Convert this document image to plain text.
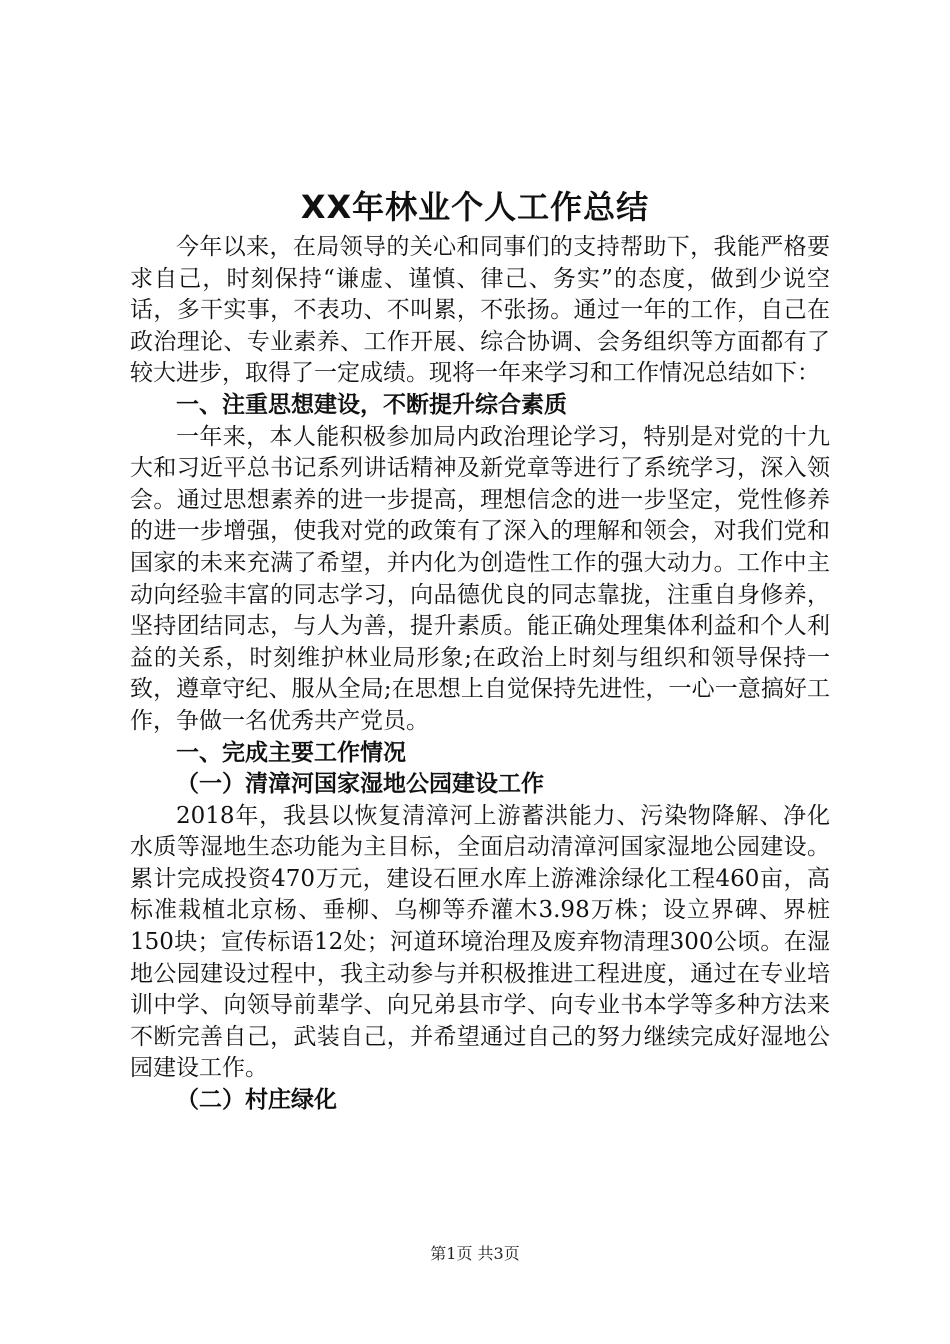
XX年林业个人工作总结

今年以来，在局领导的关心和同事们的支持帮助下，我能严格要求自己，时刻保持“谦虚、谨慎、律己、务实”的态度，做到少说空话，多干实事，不表功、不叫累，不张扬。通过一年的工作，自己在政治理论、专业素养、工作开展、综合协调、会务组织等方面都有了较大进步，取得了一定成绩。现将一年来学习和工作情况总结如下：

一、注重思想建设，不断提升综合素质

一年来，本人能积极参加局内政治理论学习，特别是对党的十九大和习近平总书记系列讲话精神及新党章等进行了系统学习，深入领会。通过思想素养的进一步提高，理想信念的进一步坚定，党性修养的进一步增强，使我对党的政策有了深入的理解和领会，对我们党和国家的未来充满了希望，并内化为创造性工作的强大动力。工作中主动向经验丰富的同志学习，向品德优良的同志靠拢，注重自身修养，坚持团结同志，与人为善，提升素质。能正确处理集体利益和个人利益的关系，时刻维护林业局形象;在政治上时刻与组织和领导保持一致，遵章守纪、服从全局;在思想上自觉保持先进性，一心一意搞好工作，争做一名优秀共产党员。

一、完成主要工作情况

（一）清漳河国家湿地公园建设工作

2018年，我县以恢复清漳河上游蓄洪能力、污染物降解、净化水质等湿地生态功能为主目标，全面启动清漳河国家湿地公园建设。累计完成投资470万元，建设石匣水库上游滩涂绿化工程460亩，高标准栽植北京杨、垂柳、乌柳等乔灌木3.98万株；设立界碑、界桩150块；宣传标语12处；河道环境治理及废弃物清理300公顷。在湿地公园建设过程中，我主动参与并积极推进工程进度，通过在专业培训中学、向领导前辈学、向兄弟县市学、向专业书本学等多种方法来不断完善自己，武装自己，并希望通过自己的努力继续完成好湿地公园建设工作。

（二）村庄绿化

第1页 共3页
